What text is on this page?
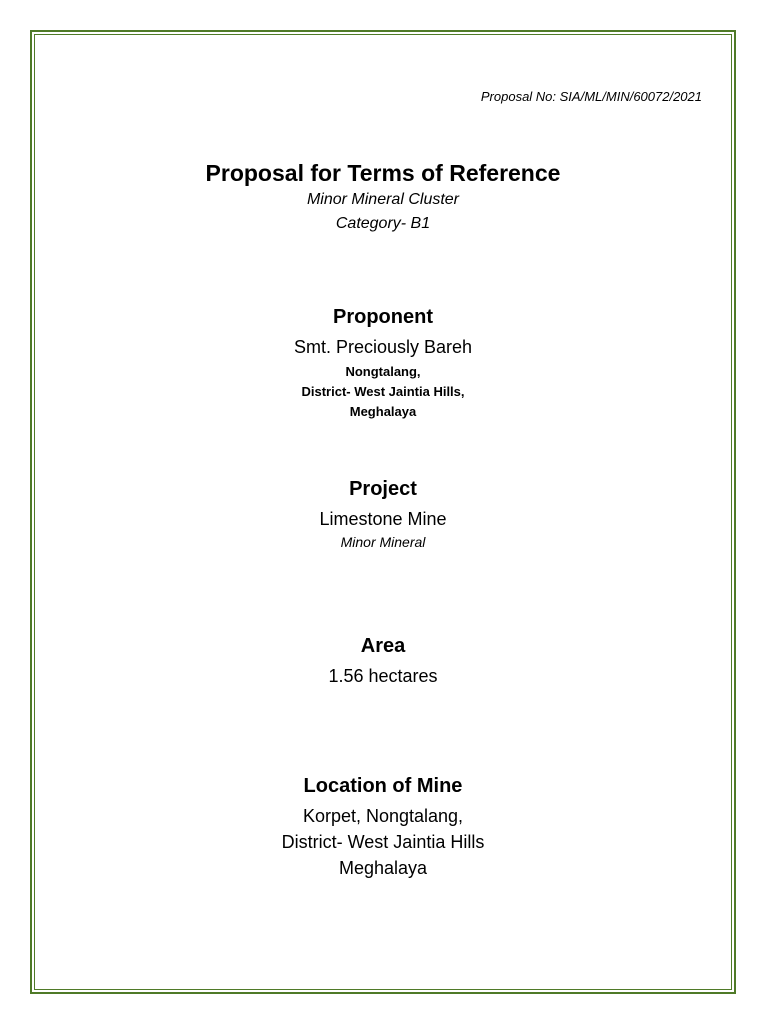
Proposal No: SIA/ML/MIN/60072/2021

Proposal for Terms of Reference

Minor Mineral Cluster

Category- B1

Proponent

Smt. Preciously Bareh

Nongtalang,

District- West Jaintia Hills,

Meghalaya

Project

Limestone Mine

Minor Mineral

Area

1.56 hectares

Location of Mine

Korpet, Nongtalang,

District- West Jaintia Hills

Meghalaya
